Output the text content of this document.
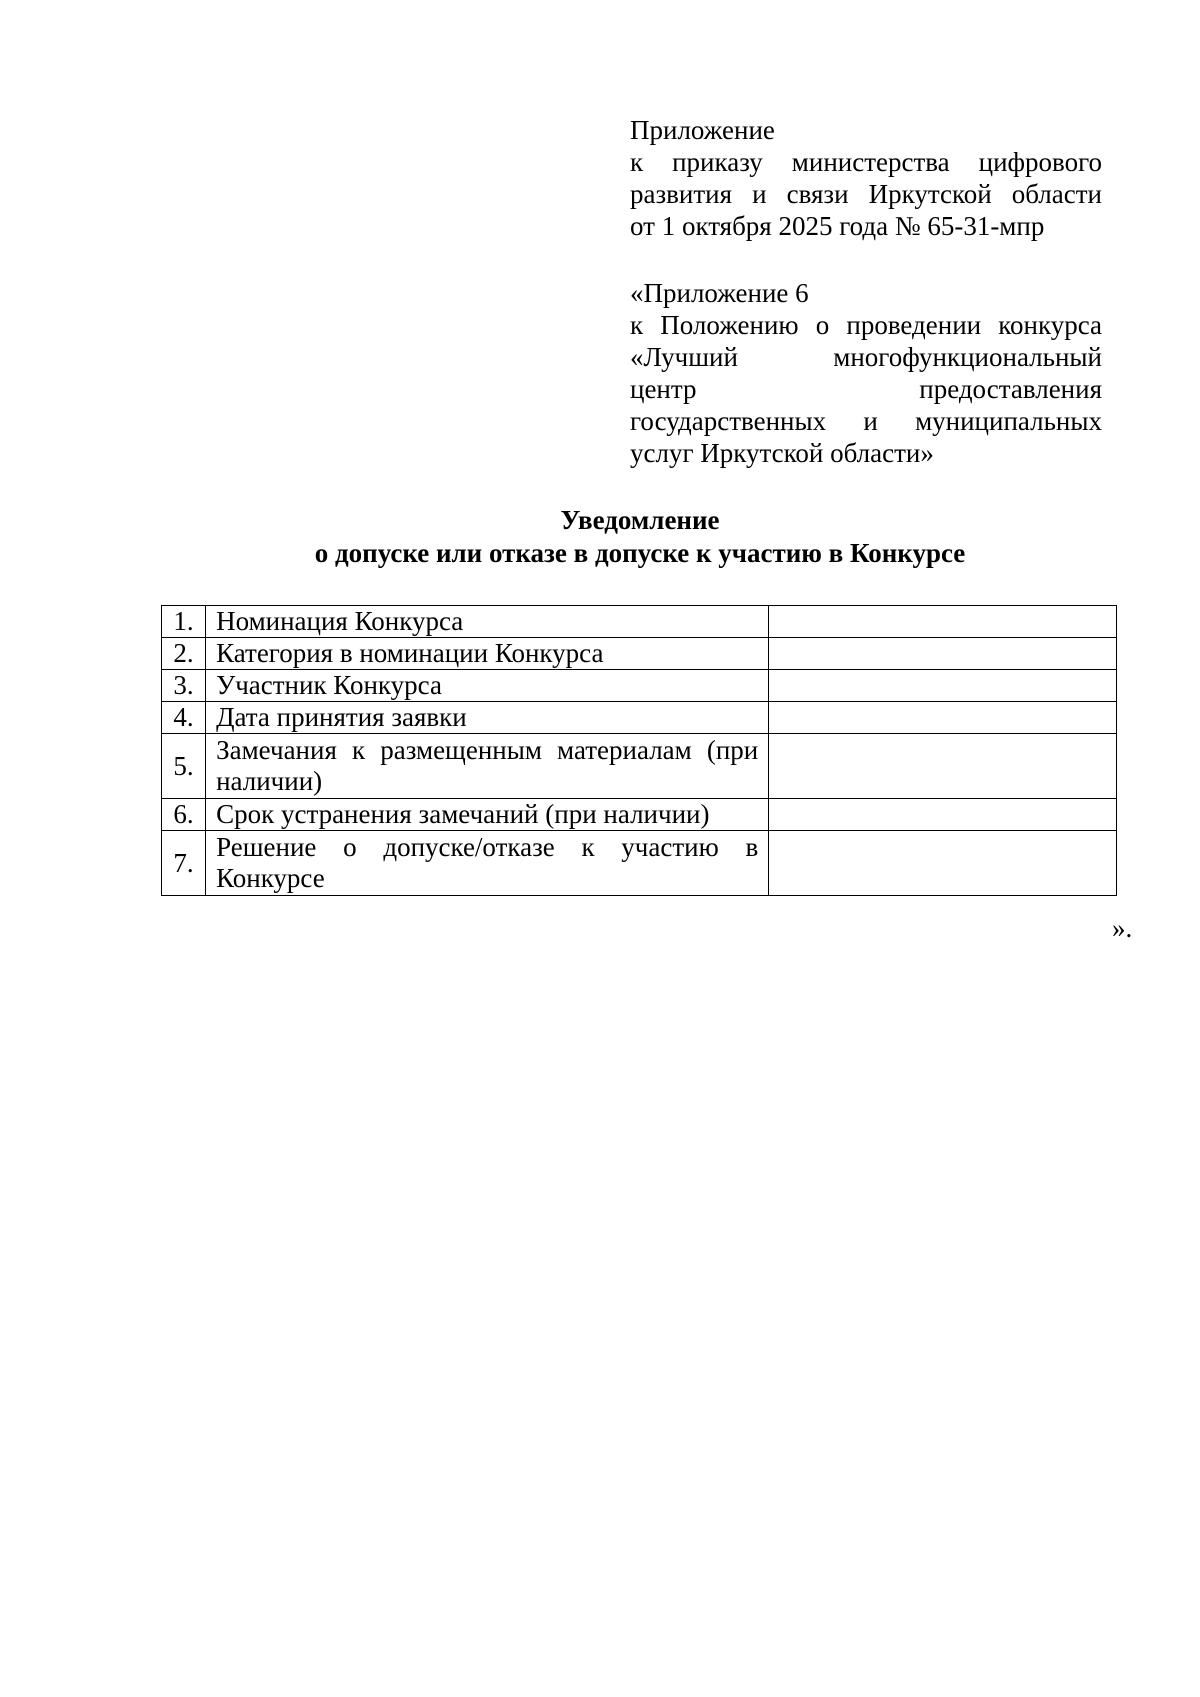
Приложение
к приказу министерства цифрового
развития и связи Иркутской области
от 1 октября 2025 года № 65-31-мпр
«Приложение 6
к Положению о проведении конкурса
«Лучший многофункциональный
центр предоставления
государственных и муниципальных
услуг Иркутской области»
Уведомление
о допуске или отказе в допуске к участию в Конкурсе
1.	Номинация Конкурса	
2.	Категория в номинации Конкурса	
3.	Участник Конкурса	
4.	Дата принятия заявки	
5.	Замечания к размещенным материалам (при наличии)	
6.	Срок устранения замечаний (при наличии)	
7.	Решение о допуске/отказе к участию в Конкурсе	
».
